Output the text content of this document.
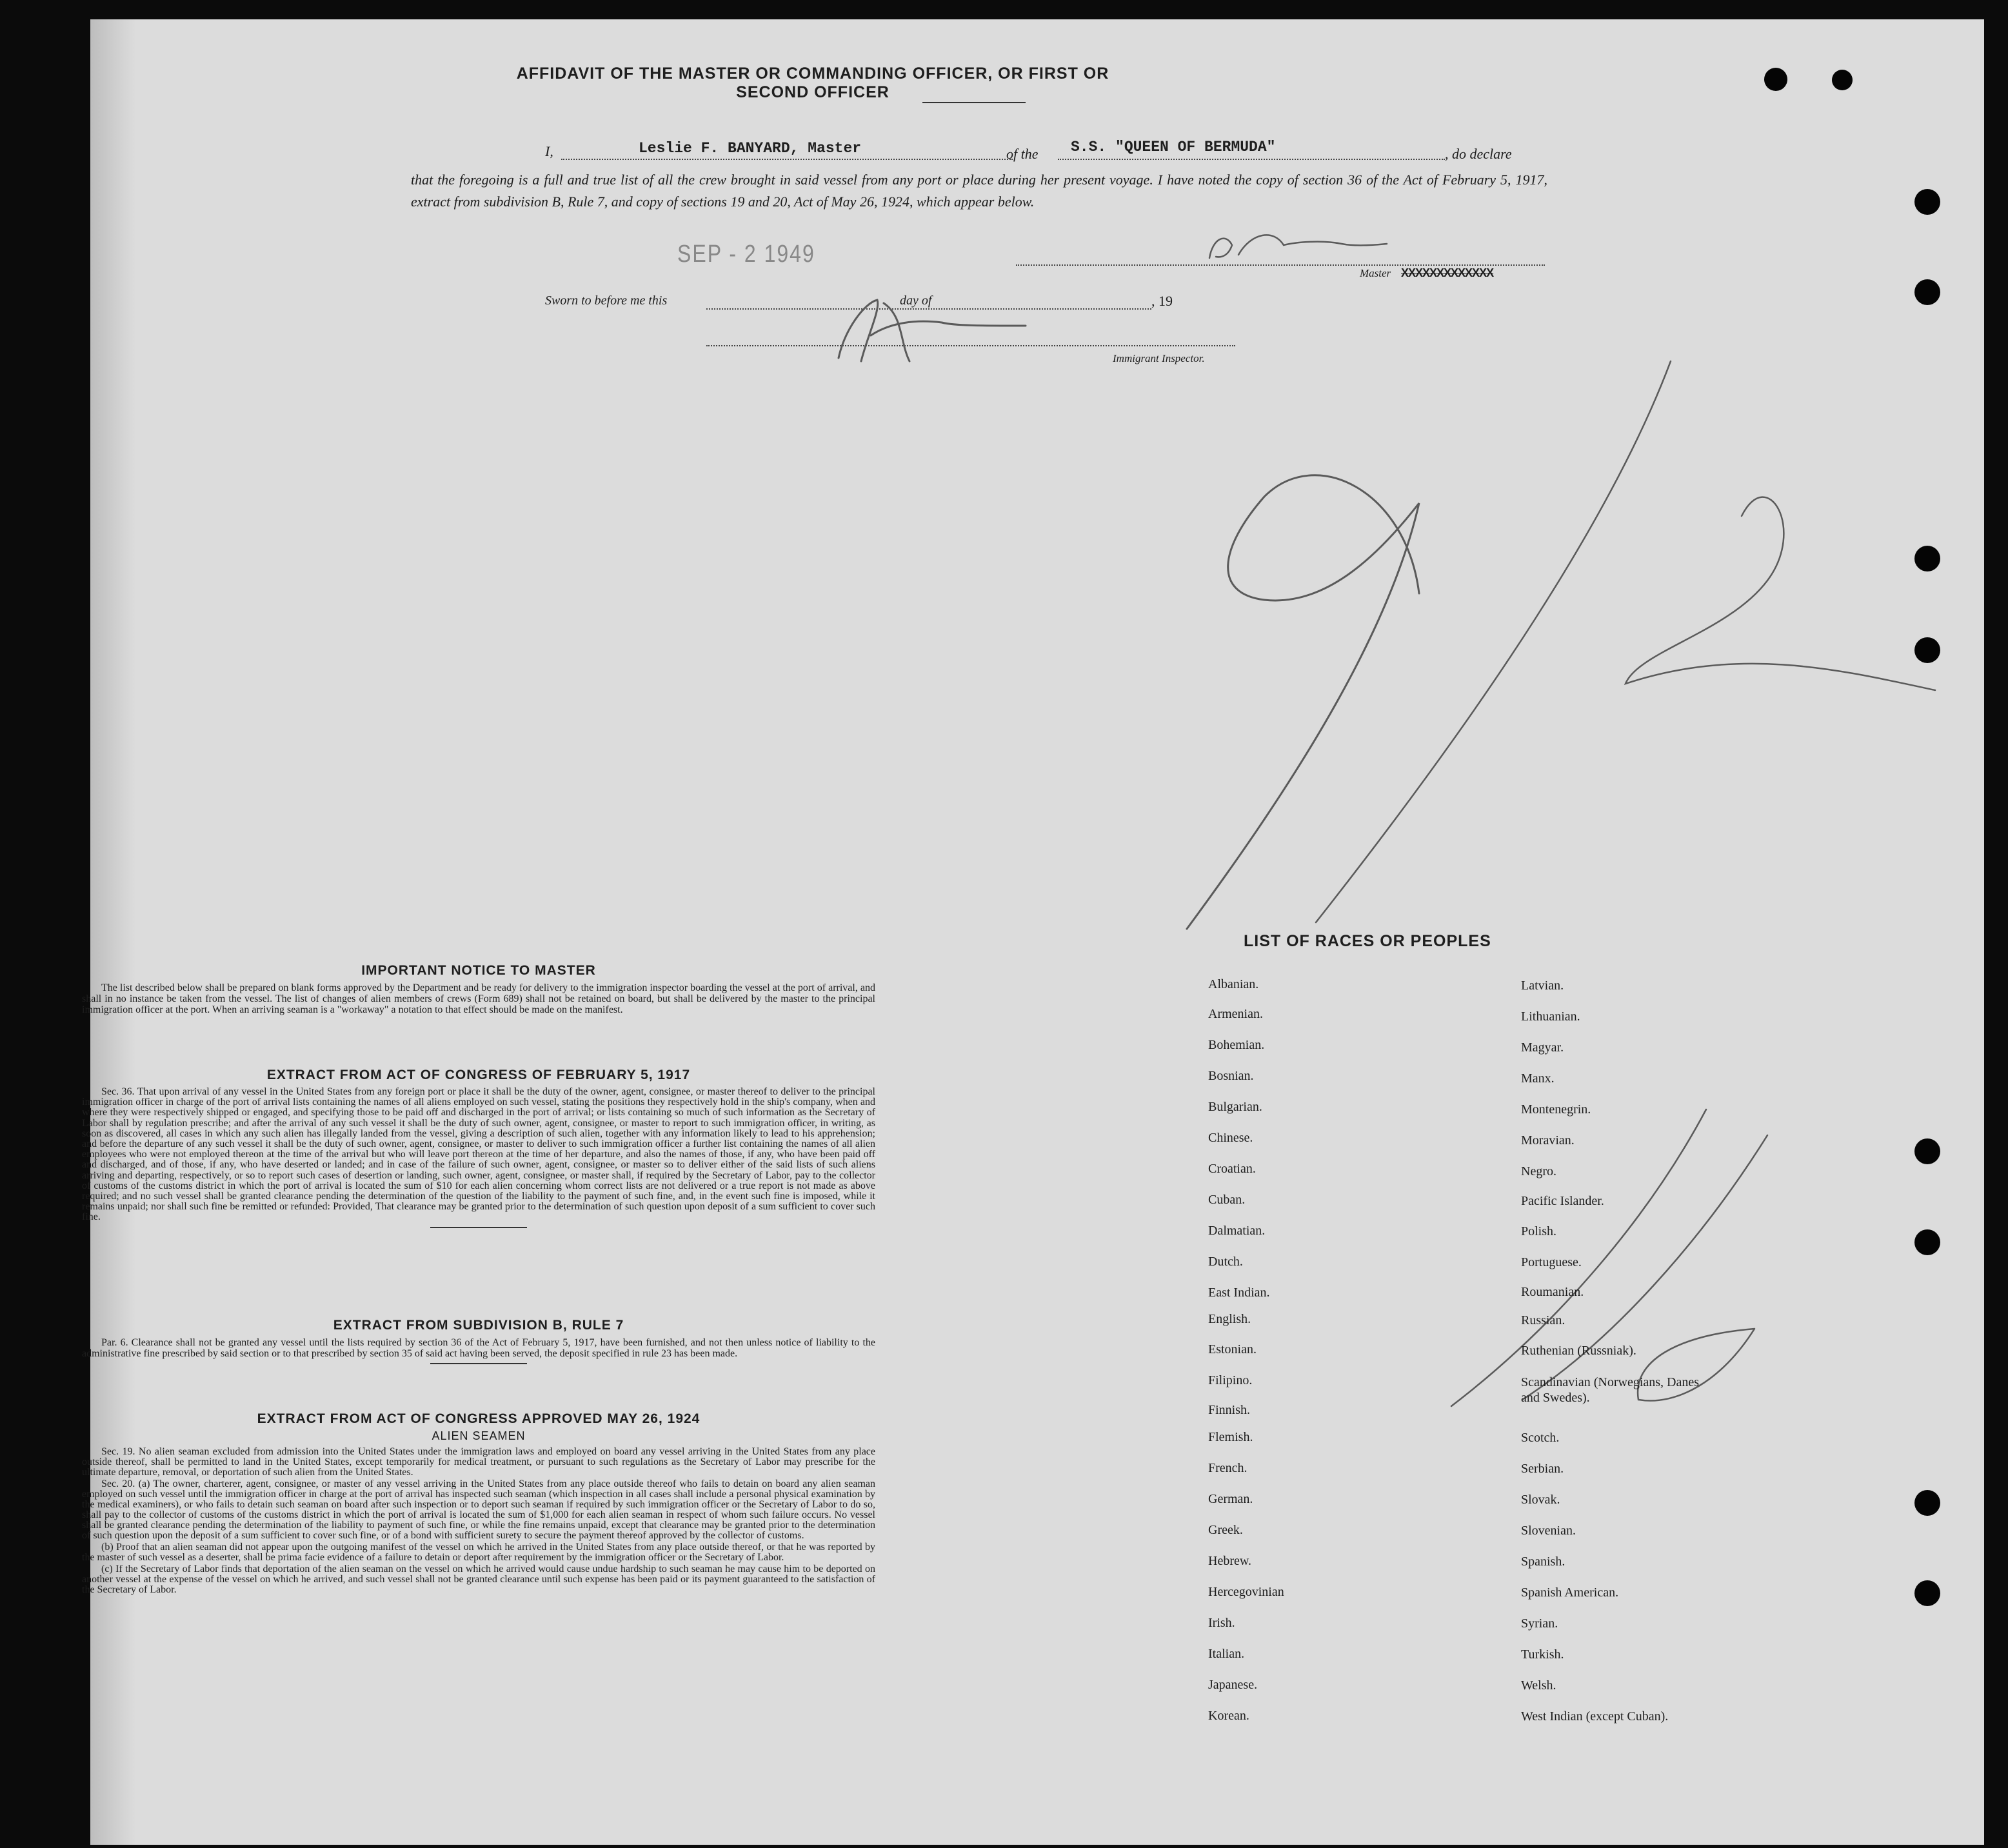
AFFIDAVIT OF THE MASTER OR COMMANDING OFFICER, OR FIRST OR SECOND OFFICER
I,	Leslie F. BANYARD, Master	of the S.S. "QUEEN OF BERMUDA"	, do declare
that the foregoing is a full and true list of all the crew brought in said vessel from any port or place during her present voyage. I have noted the copy of section 36 of the Act of February 5, 1917, extract from subdivision B, Rule 7, and copy of sections 19 and 20, Act of May 26, 1924, which appear below.
Master XXXXXXXXXXXXX
Sworn to before me this
SEP - 2 1949
day of	, 19
Immigrant Inspector.

IMPORTANT NOTICE TO MASTER

The list described below shall be prepared on blank forms approved by the Department and be ready for delivery to the immigration inspector boarding the vessel at the port of arrival, and shall in no instance be taken from the vessel. The list of changes of alien members of crews (Form 689) shall not be retained on board, but shall be delivered by the master to the principal immigration officer at the port. When an arriving seaman is a "workaway" a notation to that effect should be made on the manifest.

EXTRACT FROM ACT OF CONGRESS OF FEBRUARY 5, 1917

Sec. 36. That upon arrival of any vessel in the United States from any foreign port or place it shall be the duty of the owner, agent, consignee, or master thereof to deliver to the principal immigration officer in charge of the port of arrival lists containing the names of all aliens employed on such vessel, stating the positions they respectively hold in the ship's company, when and where they were respectively shipped or engaged, and specifying those to be paid off and discharged in the port of arrival; or lists containing so much of such information as the Secretary of Labor shall by regulation prescribe; and after the arrival of any such vessel it shall be the duty of such owner, agent, consignee, or master to report to such immigration officer, in writing, as soon as discovered, all cases in which any such alien has illegally landed from the vessel, giving a description of such alien, together with any information likely to lead to his apprehension; and before the departure of any such vessel it shall be the duty of such owner, agent, consignee, or master to deliver to such immigration officer a further list containing the names of all alien employees who were not employed thereon at the time of the arrival but who will leave port thereon at the time of her departure, and also the names of those, if any, who have been paid off and discharged, and of those, if any, who have deserted or landed; and in case of the failure of such owner, agent, consignee, or master so to deliver either of the said lists of such aliens arriving and departing, respectively, or so to report such cases of desertion or landing, such owner, agent, consignee, or master shall, if required by the Secretary of Labor, pay to the collector of customs of the customs district in which the port of arrival is located the sum of $10 for each alien concerning whom correct lists are not delivered or a true report is not made as above required; and no such vessel shall be granted clearance pending the determination of the question of the liability to the payment of such fine, and, in the event such fine is imposed, while it remains unpaid; nor shall such fine be remitted or refunded: Provided, That clearance may be granted prior to the determination of such question upon deposit of a sum sufficient to cover such fine.

EXTRACT FROM SUBDIVISION B, RULE 7

Par. 6. Clearance shall not be granted any vessel until the lists required by section 36 of the Act of February 5, 1917, have been furnished, and not then unless notice of liability to the administrative fine prescribed by said section or to that prescribed by section 35 of said act having been served, the deposit specified in rule 23 has been made.

EXTRACT FROM ACT OF CONGRESS APPROVED MAY 26, 1924

ALIEN SEAMEN

Sec. 19. No alien seaman excluded from admission into the United States under the immigration laws and employed on board any vessel arriving in the United States from any place outside thereof, shall be permitted to land in the United States, except temporarily for medical treatment, or pursuant to such regulations as the Secretary of Labor may prescribe for the ultimate departure, removal, or deportation of such alien from the United States.

Sec. 20. (a) The owner, charterer, agent, consignee, or master of any vessel arriving in the United States from any place outside thereof who fails to detain on board any alien seaman employed on such vessel until the immigration officer in charge at the port of arrival has inspected such seaman (which inspection in all cases shall include a personal physical examination by the medical examiners), or who fails to detain such seaman on board after such inspection or to deport such seaman if required by such immigration officer or the Secretary of Labor to do so, shall pay to the collector of customs of the customs district in which the port of arrival is located the sum of $1,000 for each alien seaman in respect of whom such failure occurs. No vessel shall be granted clearance pending the determination of the liability to payment of such fine, or while the fine remains unpaid, except that clearance may be granted prior to the determination of such question upon the deposit of a sum sufficient to cover such fine, or of a bond with sufficient surety to secure the payment thereof approved by the collector of customs.

(b) Proof that an alien seaman did not appear upon the outgoing manifest of the vessel on which he arrived in the United States from any place outside thereof, or that he was reported by the master of such vessel as a deserter, shall be prima facie evidence of a failure to detain or deport after requirement by the immigration officer or the Secretary of Labor.

(c) If the Secretary of Labor finds that deportation of the alien seaman on the vessel on which he arrived would cause undue hardship to such seaman he may cause him to be deported on another vessel at the expense of the vessel on which he arrived, and such vessel shall not be granted clearance until such expense has been paid or its payment guaranteed to the satisfaction of the Secretary of Labor.

LIST OF RACES OR PEOPLES
Albanian.
Armenian.
Bohemian.
Bosnian.
Bulgarian.
Chinese.
Croatian.
Cuban.
Dalmatian.
Dutch.
East Indian.
English.
Estonian.
Filipino.
Finnish.
Flemish.
French.
German.
Greek.
Hebrew.
Hercegovinian
Irish.
Italian.
Japanese.
Korean.
Latvian.
Lithuanian.
Magyar.
Manx.
Montenegrin.
Moravian.
Negro.
Pacific Islander.
Polish.
Portuguese.
Roumanian.
Russian.
Ruthenian (Russniak).
Scandinavian (Norwegians, Danes and Swedes).
Scotch.
Serbian.
Slovak.
Slovenian.
Spanish.
Spanish American.
Syrian.
Turkish.
Welsh.
West Indian (except Cuban).
